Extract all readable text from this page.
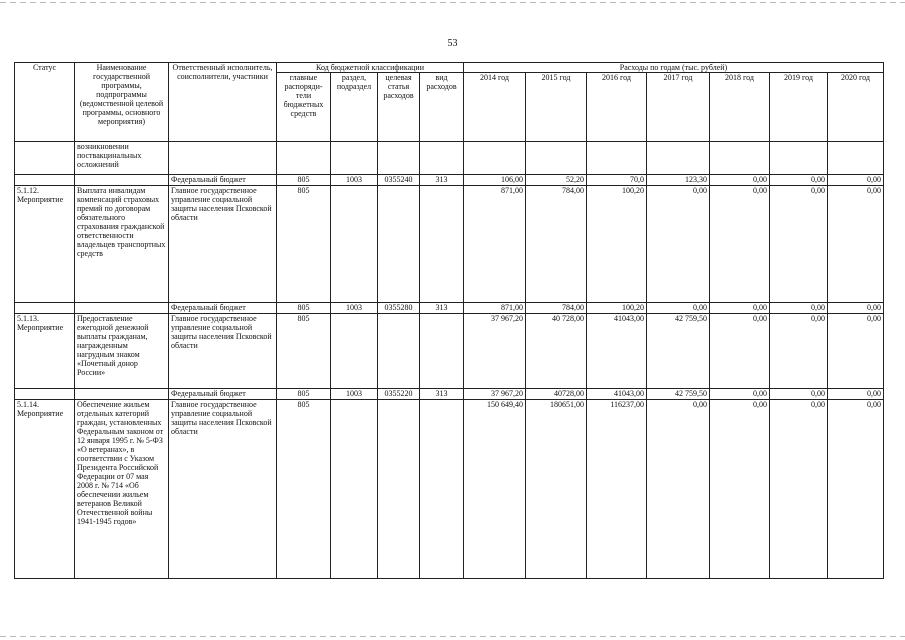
53
Статус	Наименование государственной программы, подпрограммы (ведомственной целевой программы, основного мероприятия)	Ответственный исполнитель, соисполнители, участники	Код бюджетной классификации				Расходы по годам (тыс. рублей)						
			главные распоряди-тели бюджетных средств	раздел, подраздел	целевая статья расходов	вид расходов	2014 год	2015 год	2016 год	2017 год	2018 год	2019 год	2020 год
	возникновении поствакцинальных осложнений												
		Федеральный бюджет	805	1003	0355240	313	106,00	52,20	70,0	123,30	0,00	0,00	0,00
5.1.12. Мероприятие	Выплата инвалидам компенсаций страховых премий по договорам обязательного страхования гражданской ответственности владельцев транспортных средств	Главное государственное управление социальной защиты населения Псковской области	805				871,00	784,00	100,20	0,00	0,00	0,00	0,00
		Федеральный бюджет	805	1003	0355280	313	871,00	784,00	100,20	0,00	0,00	0,00	0,00
5.1.13. Мероприятие	Предоставление ежегодной денежной выплаты гражданам, награжденным нагрудным знаком «Почетный донор России»	Главное государственное управление социальной защиты населения Псковской области	805				37 967,20	40 728,00	41043,00	42 759,50	0,00	0,00	0,00
		Федеральный бюджет	805	1003	0355220	313	37 967,20	40728,00	41043,00	42 759,50	0,00	0,00	0,00
5.1.14. Мероприятие	Обеспечение жильем отдельных категорий граждан, установленных Федеральным законом от 12 января 1995 г. № 5-ФЗ «О ветеранах», в соответствии с Указом Президента Российской Федерации от 07 мая 2008 г. № 714 «Об обеспечении жильем ветеранов Великой Отечественной войны 1941-1945 годов»	Главное государственное управление социальной защиты населения Псковской области	805				150 649,40	180651,00	116237,00	0,00	0,00	0,00	0,00
